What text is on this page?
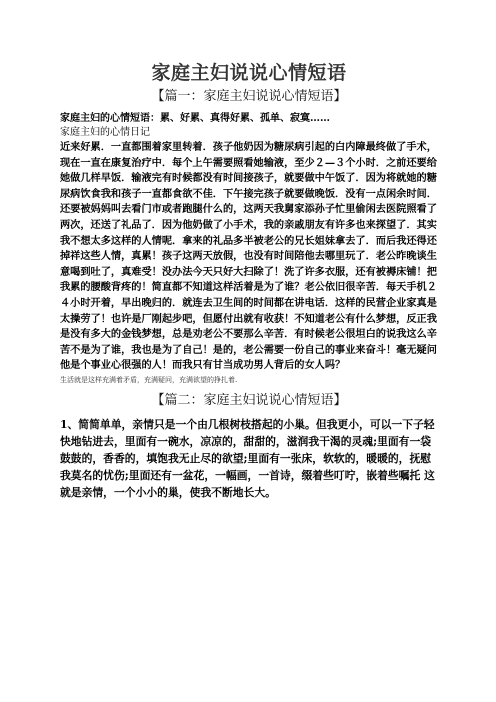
家庭主妇说说心情短语
【篇一：家庭主妇说说心情短语】

家庭主妇的心情短语：累、好累、真得好累、孤单、寂寞……

家庭主妇的心情日记

近来好累．一直都围着家里转着．孩子他奶因为糖尿病引起的白内障最终做了手术，现在一直在康复治疗中．每个上午需要照看她输液，至少２—３个小时．之前还要给她做几样早饭．输液完有时候都没有时间接孩子，就要做中午饭了．因为将就她的糖尿病饮食我和孩子一直都食欲不佳．下午接完孩子就要做晚饭．没有一点闲余时间．还要被妈妈叫去看门市或者跑腿什么的，这两天我舅家添孙子忙里偷闲去医院照看了两次，还送了礼品了．因为他奶做了小手术，我的亲戚朋友有许多也来探望了．其实我不想太多这样的人情呢．拿来的礼品多半被老公的兄长姐妹拿去了．而后我还得还掉祥这些人情，真累！孩子这两天放假，也没有时间陪他去哪里玩了．老公昨晚谈生意喝到吐了，真难受！没办法今天只好大扫除了！洗了许多衣服，还有被褥床铺！把我累的腰酸背疼的！简直都不知道这样活着是为了谁？老公依旧很辛苦．每天手机２４小时开着，早出晚归的．就连去卫生间的时间都在讲电话．这样的民营企业家真是太操劳了！也许是厂刚起步吧，但愿付出就有收获！不知道老公有什么梦想，反正我是没有多大的金钱梦想，总是劝老公不要那么辛苦．有时候老公很坦白的说我这么辛苦不是为了谁，我也是为了自己！是的，老公需要一份自己的事业来奋斗！毫无疑问他是个事业心很强的人！而我只有甘当成功男人背后的女人吗？

生活就是这样充满着矛盾，充满疑问，充满欲望的挣扎着.

【篇二：家庭主妇说说心情短语】

1、简简单单，亲情只是一个由几根树枝搭起的小巢。但我更小，可以一下子轻快地钻进去，里面有一碗水，凉凉的，甜甜的，滋润我干渴的灵魂;里面有一袋鼓鼓的，香香的，填饱我无止尽的欲望;里面有一张床，软软的，暖暖的，抚慰我莫名的忧伤;里面还有一盆花，一幅画，一首诗，缀着些叮咛，嵌着些嘱托 这就是亲情，一个小小的巢，使我不断地长大。
